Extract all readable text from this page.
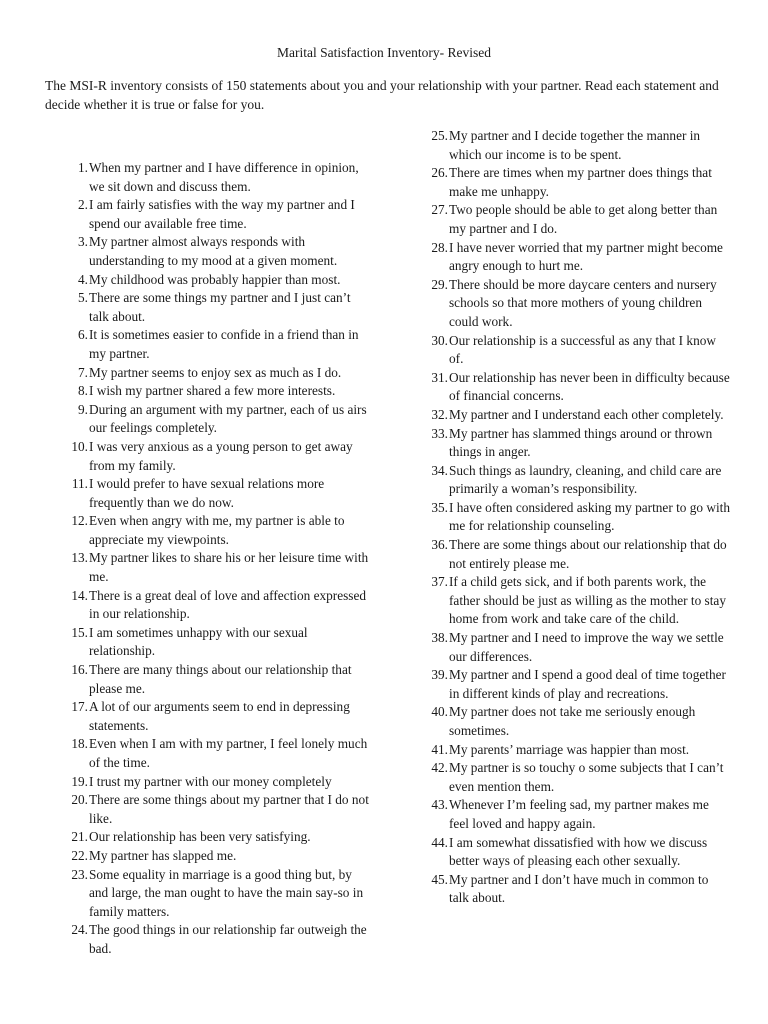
Marital Satisfaction Inventory- Revised
The MSI-R inventory consists of 150 statements about you and your relationship with your partner. Read each statement and decide whether it is true or false for you.
1. When my partner and I have difference in opinion, we sit down and discuss them.
2. I am fairly satisfies with the way my partner and I spend our available free time.
3. My partner almost always responds with understanding to my mood at a given moment.
4. My childhood was probably happier than most.
5. There are some things my partner and I just can’t talk about.
6. It is sometimes easier to confide in a friend than in my partner.
7. My partner seems to enjoy sex as much as I do.
8. I wish my partner shared a few more interests.
9. During an argument with my partner, each of us airs our feelings completely.
10. I was very anxious as a young person to get away from my family.
11. I would prefer to have sexual relations more frequently than we do now.
12. Even when angry with me, my partner is able to appreciate my viewpoints.
13. My partner likes to share his or her leisure time with me.
14. There is a great deal of love and affection expressed in our relationship.
15. I am sometimes unhappy with our sexual relationship.
16. There are many things about our relationship that please me.
17. A lot of our arguments seem to end in depressing statements.
18. Even when I am with my partner, I feel lonely much of the time.
19. I trust my partner with our money completely
20. There are some things about my partner that I do not like.
21. Our relationship has been very satisfying.
22. My partner has slapped me.
23. Some equality in marriage is a good thing but, by and large, the man ought to have the main say-so in family matters.
24. The good things in our relationship far outweigh the bad.
25. My partner and I decide together the manner in which our income is to be spent.
26. There are times when my partner does things that make me unhappy.
27. Two people should be able to get along better than my partner and I do.
28. I have never worried that my partner might become angry enough to hurt me.
29. There should be more daycare centers and nursery schools so that more mothers of young children could work.
30. Our relationship is a successful as any that I know of.
31. Our relationship has never been in difficulty because of financial concerns.
32. My partner and I understand each other completely.
33. My partner has slammed things around or thrown things in anger.
34. Such things as laundry, cleaning, and child care are primarily a woman’s responsibility.
35. I have often considered asking my partner to go with me for relationship counseling.
36. There are some things about our relationship that do not entirely please me.
37. If a child gets sick, and if both parents work, the father should be just as willing as the mother to stay home from work and take care of the child.
38. My partner and I need to improve the way we settle our differences.
39. My partner and I spend a good deal of time together in different kinds of play and recreations.
40. My partner does not take me seriously enough sometimes.
41. My parents’ marriage was happier than most.
42. My partner is so touchy o some subjects that I can’t even mention them.
43. Whenever I’m feeling sad, my partner makes me feel loved and happy again.
44. I am somewhat dissatisfied with how we discuss better ways of pleasing each other sexually.
45. My partner and I don’t have much in common to talk about.
